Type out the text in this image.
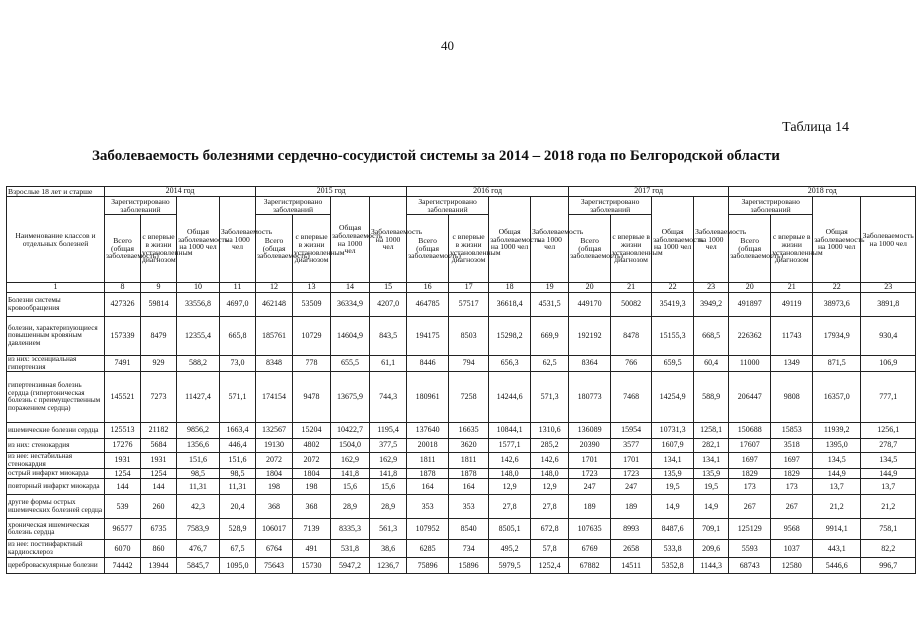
40
Таблица 14
Заболеваемость болезнями сердечно-сосудистой системы за 2014 – 2018 года по Белгородской области
Взрослые 18 лет и старше	2014 год				2015 год				2016 год				2017 год				2018 год			
Наименование классов и отдельных болезней	Зарегистрировано заболеваний		Общая заболеваемость на 1000 чел	Заболеваемость на 1000 чел	Зарегистрировано заболеваний		Общая заболеваемость на 1000 чел	Заболеваемость на 1000 чел	Зарегистрировано заболеваний		Общая заболеваемость на 1000 чел	Заболеваемость на 1000 чел	Зарегистрировано заболеваний		Общая заболеваемость на 1000 чел	Заболеваемость на 1000 чел	Зарегистрировано заболеваний		Общая заболеваемость на 1000 чел	Заболеваемость на 1000 чел
	Всего (общая заболеваемость)	с впервые в жизни установленным диагнозом			Всего (общая заболеваемость)	с впервые в жизни установленным диагнозом			Всего (общая заболеваемость)	с впервые в жизни установленным диагнозом			Всего (общая заболеваемость)	с впервые в жизни установленным диагнозом			Всего (общая заболеваемость)	с впервые в жизни установленным диагнозом		
1	8	9	10	11	12	13	14	15	16	17	18	19	20	21	22	23	20	21	22	23
Болезни системы кровообращения	427326	59814	33556,8	4697,0	462148	53509	36334,9	4207,0	464785	57517	36618,4	4531,5	449170	50082	35419,3	3949,2	491897	49119	38973,6	3891,8
болезни, характеризующиеся повышенным кровяным давлением	157339	8479	12355,4	665,8	185761	10729	14604,9	843,5	194175	8503	15298,2	669,9	192192	8478	15155,3	668,5	226362	11743	17934,9	930,4
из них: эссенциальная гипертензия	7491	929	588,2	73,0	8348	778	655,5	61,1	8446	794	656,3	62,5	8364	766	659,5	60,4	11000	1349	871,5	106,9
гипертензивная болезнь сердца (гипертоническая болезнь с преимущественным поражением сердца)	145521	7273	11427,4	571,1	174154	9478	13675,9	744,3	180961	7258	14244,6	571,3	180773	7468	14254,9	588,9	206447	9808	16357,0	777,1
ишемические болезни сердца	125513	21182	9856,2	1663,4	132567	15204	10422,7	1195,4	137640	16635	10844,1	1310,6	136089	15954	10731,3	1258,1	150688	15853	11939,2	1256,1
из них: стенокардия	17276	5684	1356,6	446,4	19130	4802	1504,0	377,5	20018	3620	1577,1	285,2	20390	3577	1607,9	282,1	17607	3518	1395,0	278,7
из нее: нестабильная стенокардия	1931	1931	151,6	151,6	2072	2072	162,9	162,9	1811	1811	142,6	142,6	1701	1701	134,1	134,1	1697	1697	134,5	134,5
острый инфаркт миокарда	1254	1254	98,5	98,5	1804	1804	141,8	141,8	1878	1878	148,0	148,0	1723	1723	135,9	135,9	1829	1829	144,9	144,9
повторный инфаркт миокарда	144	144	11,31	11,31	198	198	15,6	15,6	164	164	12,9	12,9	247	247	19,5	19,5	173	173	13,7	13,7
другие формы острых ишемических болезней сердца	539	260	42,3	20,4	368	368	28,9	28,9	353	353	27,8	27,8	189	189	14,9	14,9	267	267	21,2	21,2
хроническая ишемическая болезнь сердца	96577	6735	7583,9	528,9	106017	7139	8335,3	561,3	107952	8540	8505,1	672,8	107635	8993	8487,6	709,1	125129	9568	9914,1	758,1
из нее: постинфарктный кардиосклероз	6070	860	476,7	67,5	6764	491	531,8	38,6	6285	734	495,2	57,8	6769	2658	533,8	209,6	5593	1037	443,1	82,2
цереброваскулярные болезни	74442	13944	5845,7	1095,0	75643	15730	5947,2	1236,7	75896	15896	5979,5	1252,4	67882	14511	5352,8	1144,3	68743	12580	5446,6	996,7
